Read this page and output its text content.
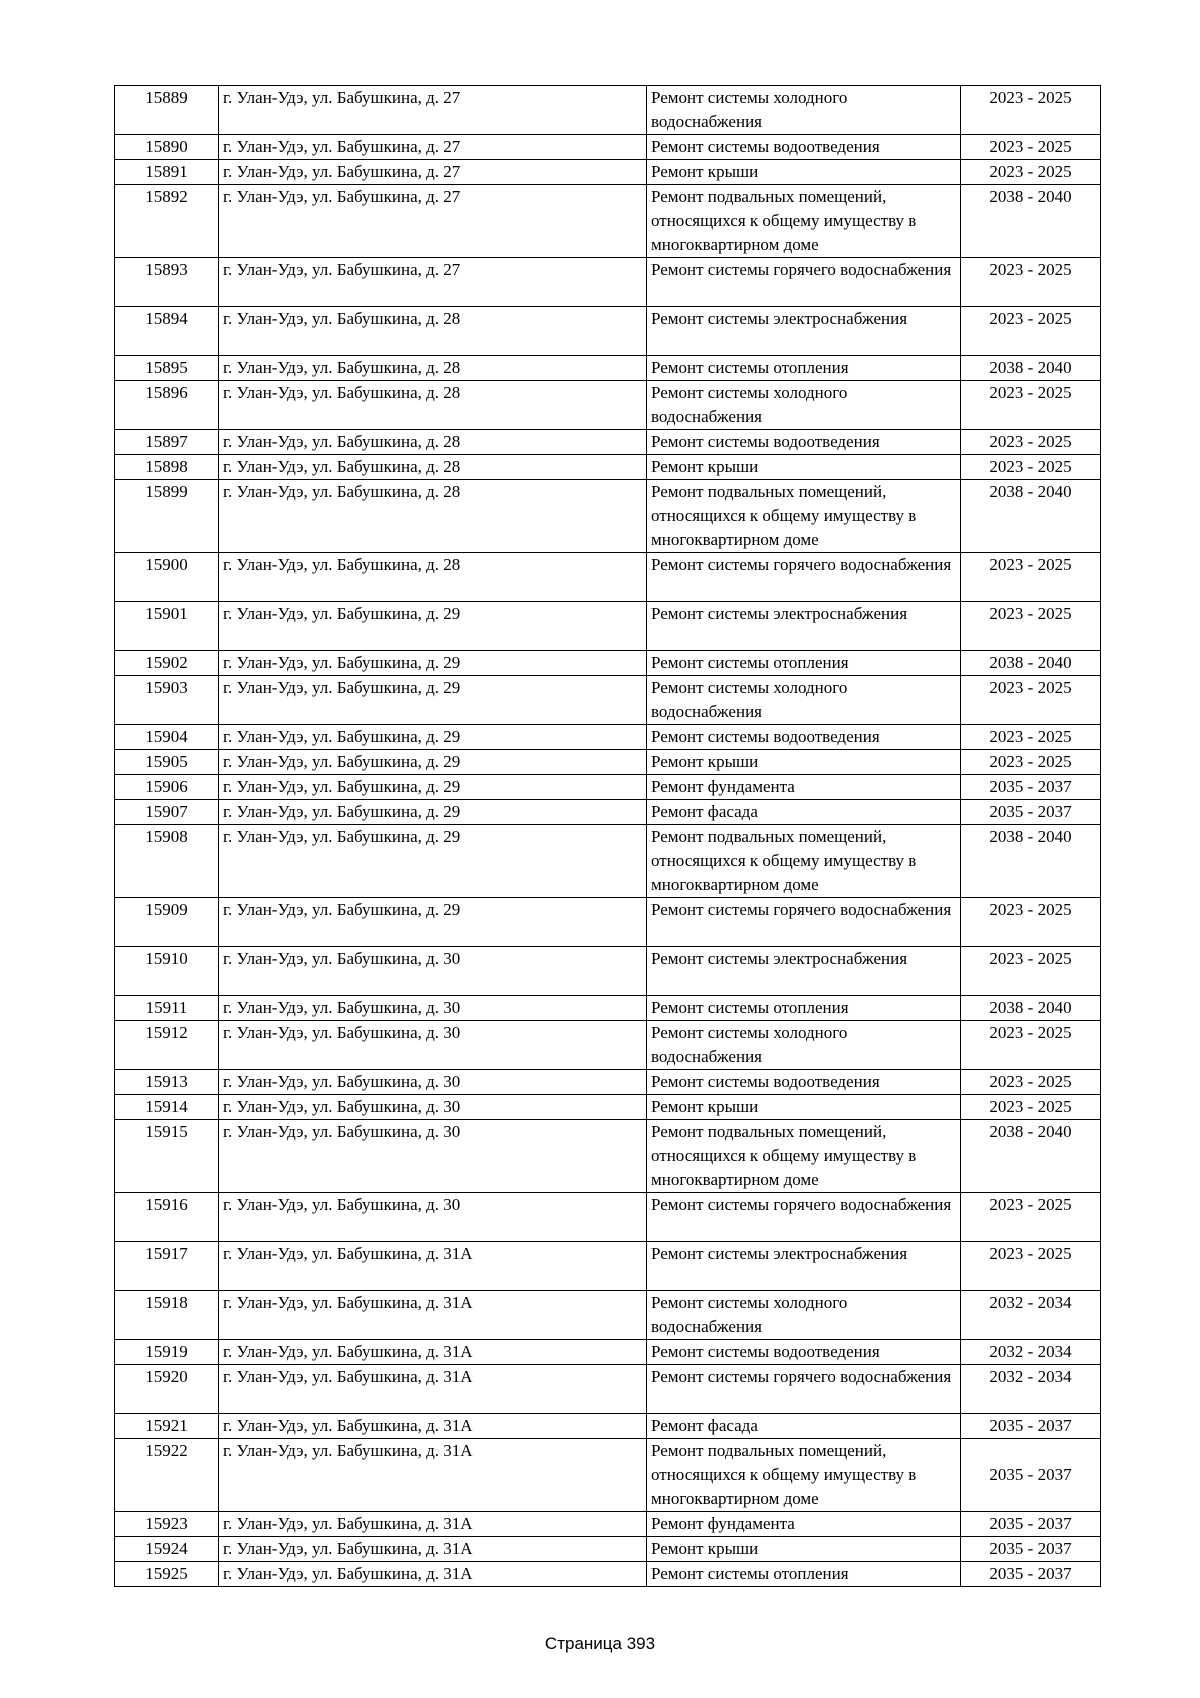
15889	г. Улан-Удэ, ул. Бабушкина, д. 27	Ремонт системы холодного водоснабжения	2023 - 2025
15890	г. Улан-Удэ, ул. Бабушкина, д. 27	Ремонт системы водоотведения	2023 - 2025
15891	г. Улан-Удэ, ул. Бабушкина, д. 27	Ремонт крыши	2023 - 2025
15892	г. Улан-Удэ, ул. Бабушкина, д. 27	Ремонт подвальных помещений, относящихся к общему имуществу в многоквартирном доме	2038 - 2040
15893	г. Улан-Удэ, ул. Бабушкина, д. 27	Ремонт системы горячего водоснабжения	2023 - 2025
15894	г. Улан-Удэ, ул. Бабушкина, д. 28	Ремонт системы электроснабжения	2023 - 2025
15895	г. Улан-Удэ, ул. Бабушкина, д. 28	Ремонт системы отопления	2038 - 2040
15896	г. Улан-Удэ, ул. Бабушкина, д. 28	Ремонт системы холодного водоснабжения	2023 - 2025
15897	г. Улан-Удэ, ул. Бабушкина, д. 28	Ремонт системы водоотведения	2023 - 2025
15898	г. Улан-Удэ, ул. Бабушкина, д. 28	Ремонт крыши	2023 - 2025
15899	г. Улан-Удэ, ул. Бабушкина, д. 28	Ремонт подвальных помещений, относящихся к общему имуществу в многоквартирном доме	2038 - 2040
15900	г. Улан-Удэ, ул. Бабушкина, д. 28	Ремонт системы горячего водоснабжения	2023 - 2025
15901	г. Улан-Удэ, ул. Бабушкина, д. 29	Ремонт системы электроснабжения	2023 - 2025
15902	г. Улан-Удэ, ул. Бабушкина, д. 29	Ремонт системы отопления	2038 - 2040
15903	г. Улан-Удэ, ул. Бабушкина, д. 29	Ремонт системы холодного водоснабжения	2023 - 2025
15904	г. Улан-Удэ, ул. Бабушкина, д. 29	Ремонт системы водоотведения	2023 - 2025
15905	г. Улан-Удэ, ул. Бабушкина, д. 29	Ремонт крыши	2023 - 2025
15906	г. Улан-Удэ, ул. Бабушкина, д. 29	Ремонт фундамента	2035 - 2037
15907	г. Улан-Удэ, ул. Бабушкина, д. 29	Ремонт фасада	2035 - 2037
15908	г. Улан-Удэ, ул. Бабушкина, д. 29	Ремонт подвальных помещений, относящихся к общему имуществу в многоквартирном доме	2038 - 2040
15909	г. Улан-Удэ, ул. Бабушкина, д. 29	Ремонт системы горячего водоснабжения	2023 - 2025
15910	г. Улан-Удэ, ул. Бабушкина, д. 30	Ремонт системы электроснабжения	2023 - 2025
15911	г. Улан-Удэ, ул. Бабушкина, д. 30	Ремонт системы отопления	2038 - 2040
15912	г. Улан-Удэ, ул. Бабушкина, д. 30	Ремонт системы холодного водоснабжения	2023 - 2025
15913	г. Улан-Удэ, ул. Бабушкина, д. 30	Ремонт системы водоотведения	2023 - 2025
15914	г. Улан-Удэ, ул. Бабушкина, д. 30	Ремонт крыши	2023 - 2025
15915	г. Улан-Удэ, ул. Бабушкина, д. 30	Ремонт подвальных помещений, относящихся к общему имуществу в многоквартирном доме	2038 - 2040
15916	г. Улан-Удэ, ул. Бабушкина, д. 30	Ремонт системы горячего водоснабжения	2023 - 2025
15917	г. Улан-Удэ, ул. Бабушкина, д. 31А	Ремонт системы электроснабжения	2023 - 2025
15918	г. Улан-Удэ, ул. Бабушкина, д. 31А	Ремонт системы холодного водоснабжения	2032 - 2034
15919	г. Улан-Удэ, ул. Бабушкина, д. 31А	Ремонт системы водоотведения	2032 - 2034
15920	г. Улан-Удэ, ул. Бабушкина, д. 31А	Ремонт системы горячего водоснабжения	2032 - 2034
15921	г. Улан-Удэ, ул. Бабушкина, д. 31А	Ремонт фасада	2035 - 2037
15922	г. Улан-Удэ, ул. Бабушкина, д. 31А	Ремонт подвальных помещений, относящихся к общему имуществу в многоквартирном доме	2035 - 2037
15923	г. Улан-Удэ, ул. Бабушкина, д. 31А	Ремонт фундамента	2035 - 2037
15924	г. Улан-Удэ, ул. Бабушкина, д. 31А	Ремонт крыши	2035 - 2037
15925	г. Улан-Удэ, ул. Бабушкина, д. 31А	Ремонт системы отопления	2035 - 2037
Страница 393
